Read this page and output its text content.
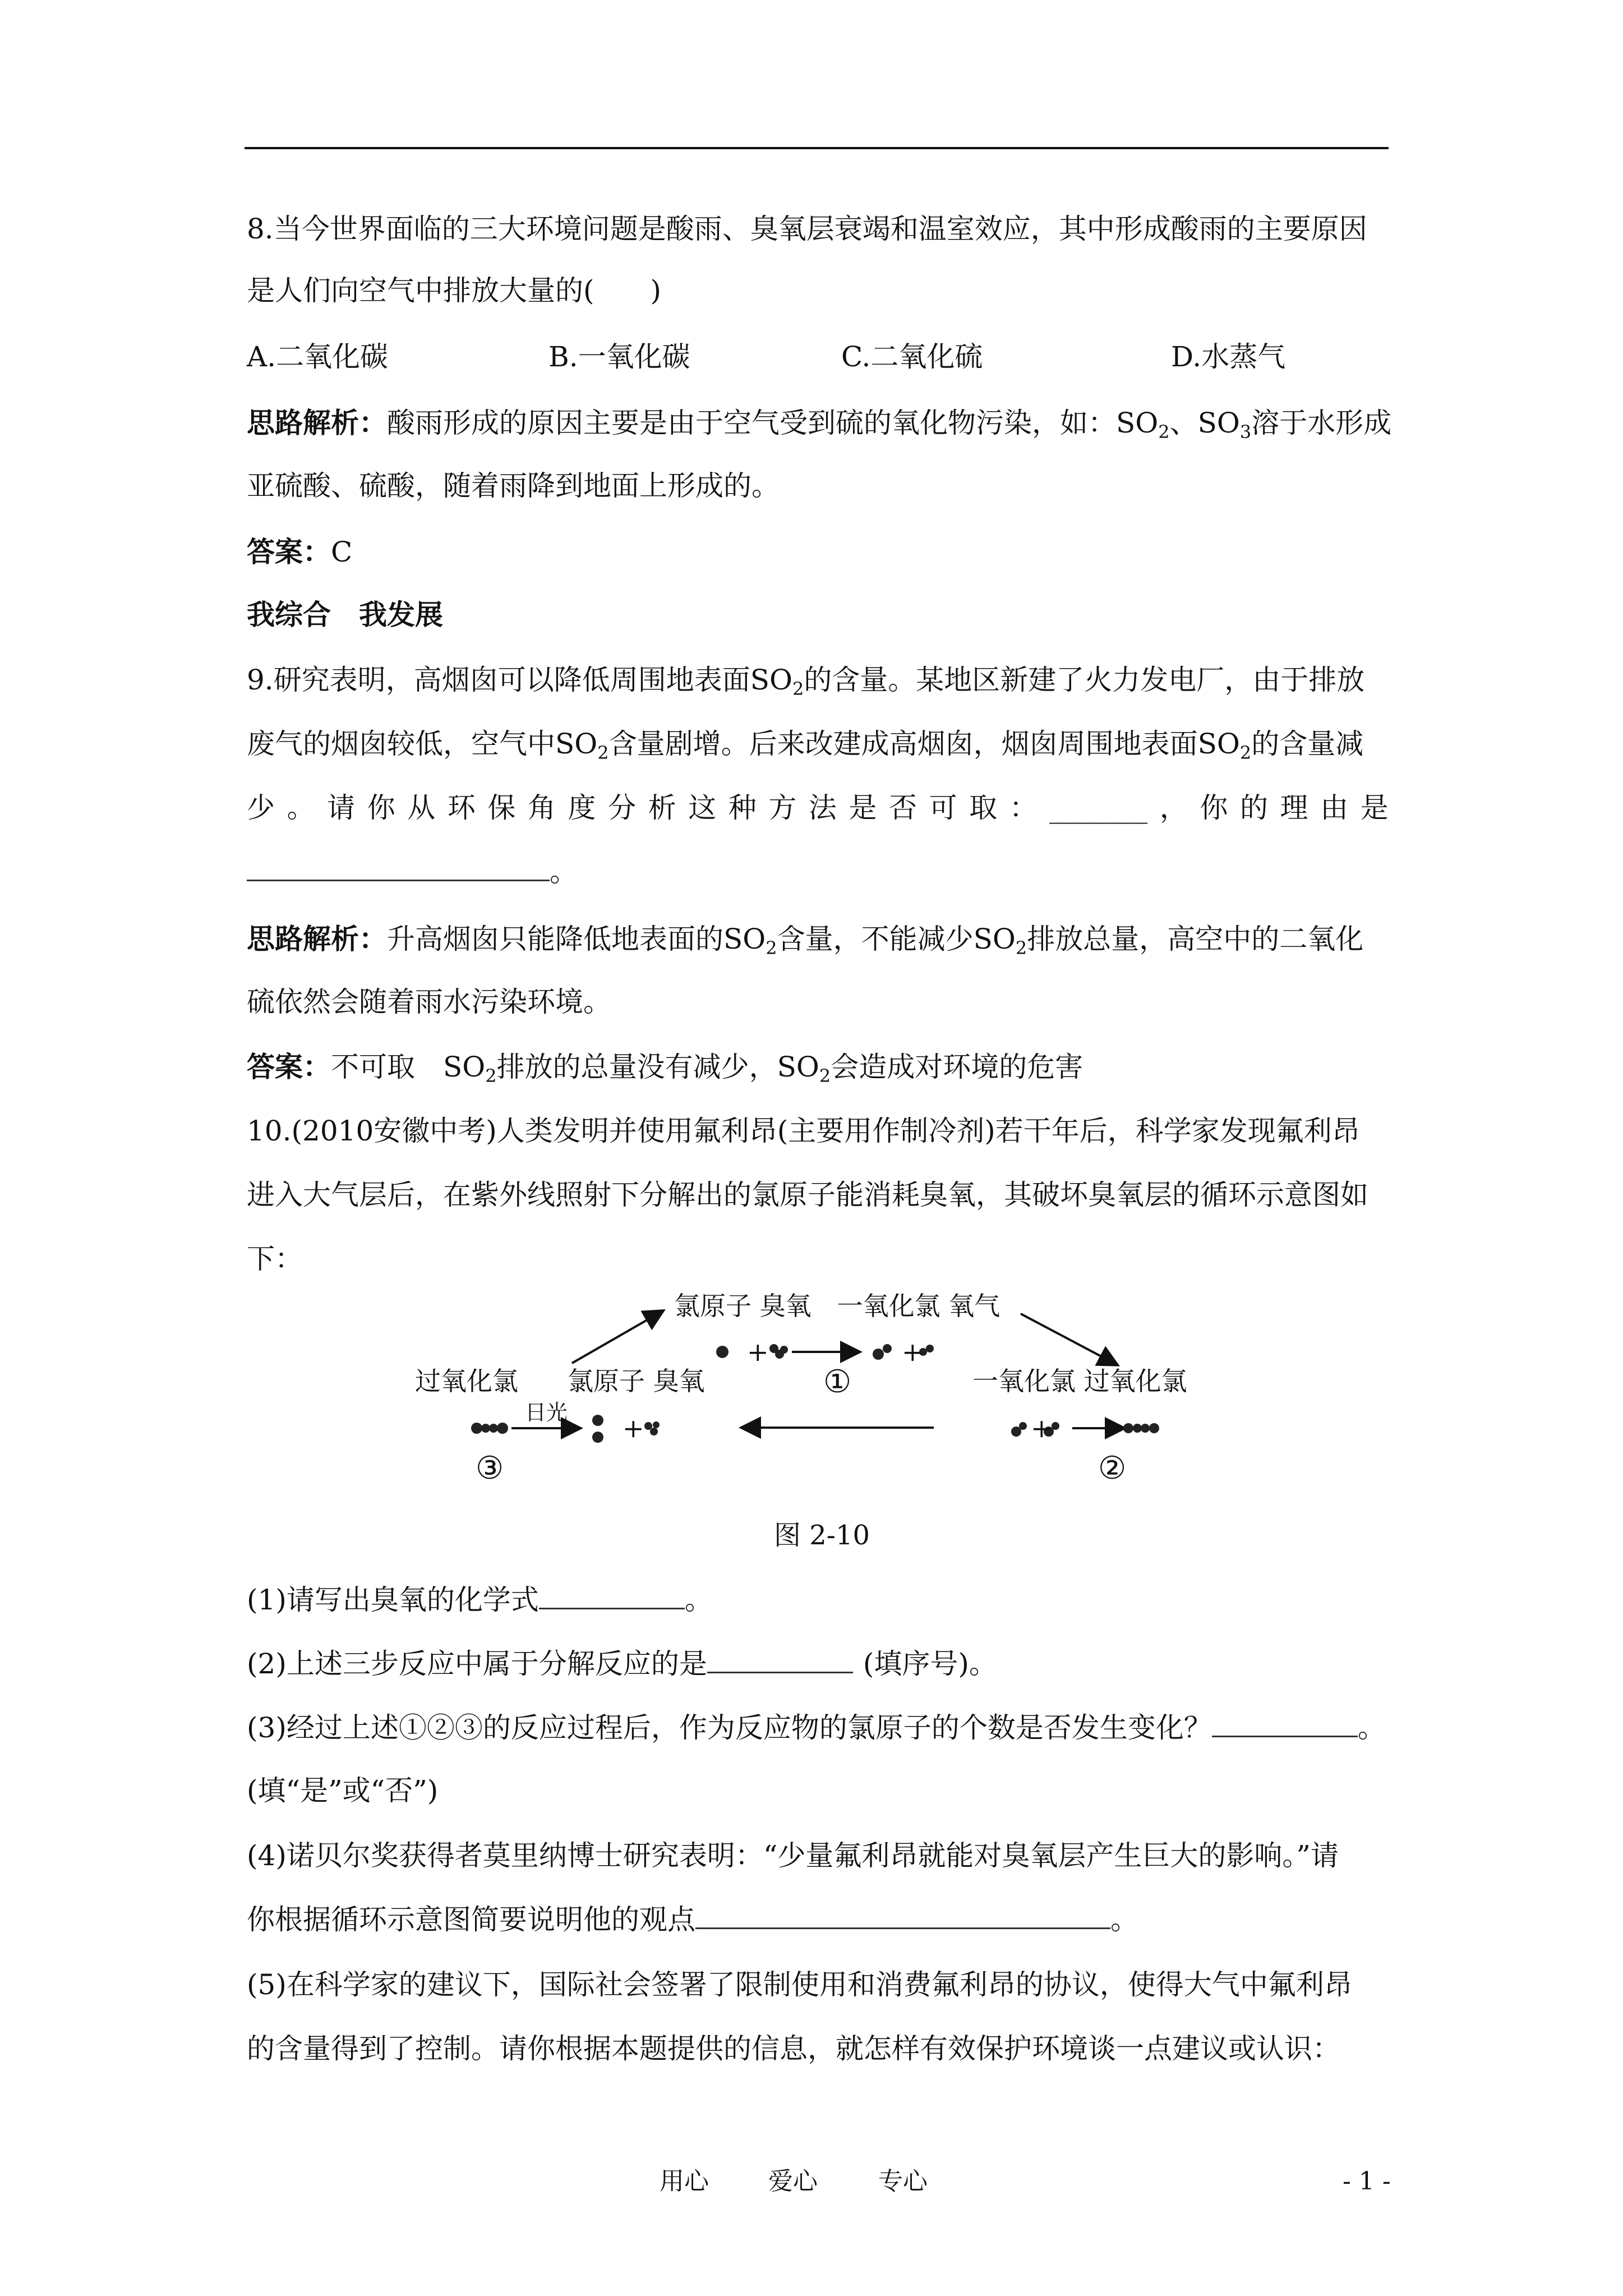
8.当今世界面临的三大环境问题是酸雨、臭氧层衰竭和温室效应，其中形成酸雨的主要原因
是人们向空气中排放大量的(　　)
A.二氧化碳	B.一氧化碳	C.二氧化硫	D.水蒸气
思路解析：酸雨形成的原因主要是由于空气受到硫的氧化物污染，如：$SO_2$、$SO_3$溶于水形成
亚硫酸、硫酸，随着雨降到地面上形成的。
答案：C
我综合　我发展
9.研究表明，高烟囱可以降低周围地表面$SO_2$的含量。某地区新建了火力发电厂，由于排放
废气的烟囱较低，空气中$SO_2$含量剧增。后来改建成高烟囱，烟囱周围地表面$SO_2$的含量减
少 。 请 你 从 环 保 角 度 分 析 这 种 方 法 是 否 可 取 ： _______ ， 你 的 理 由 是
。
思路解析：升高烟囱只能降低地表面的$SO_2$含量，不能减少$SO_2$排放总量，高空中的二氧化
硫依然会随着雨水污染环境。
答案：不可取　$SO_2$排放的总量没有减少，$SO_2$会造成对环境的危害
10.(2010安徽中考)人类发明并使用氟利昂(主要用作制冷剂)若干年后，科学家发现氟利昂
进入大气层后，在紫外线照射下分解出的氯原子能消耗臭氧，其破坏臭氧层的循环示意图如
下：
氯原子 臭氧　一氧化氯 氧气
+	+
①
过氧化氯 氯原子 臭氧	一氧化氯 过氧化氯
日光
+	+
③	②
图 2-10
(1)请写出臭氧的化学式	。
(2)上述三步反应中属于分解反应的是	(填序号)。
(3)经过上述①②③的反应过程后，作为反应物的氯原子的个数是否发生变化？	。
(填“是”或“否”)
(4)诺贝尔奖获得者莫里纳博士研究表明：“少量氟利昂就能对臭氧层产生巨大的影响。”请
你根据循环示意图简要说明他的观点	。
(5)在科学家的建议下，国际社会签署了限制使用和消费氟利昂的协议，使得大气中氟利昂
的含量得到了控制。请你根据本题提供的信息，就怎样有效保护环境谈一点建议或认识：
用心 爱心 专心	- 1 -
